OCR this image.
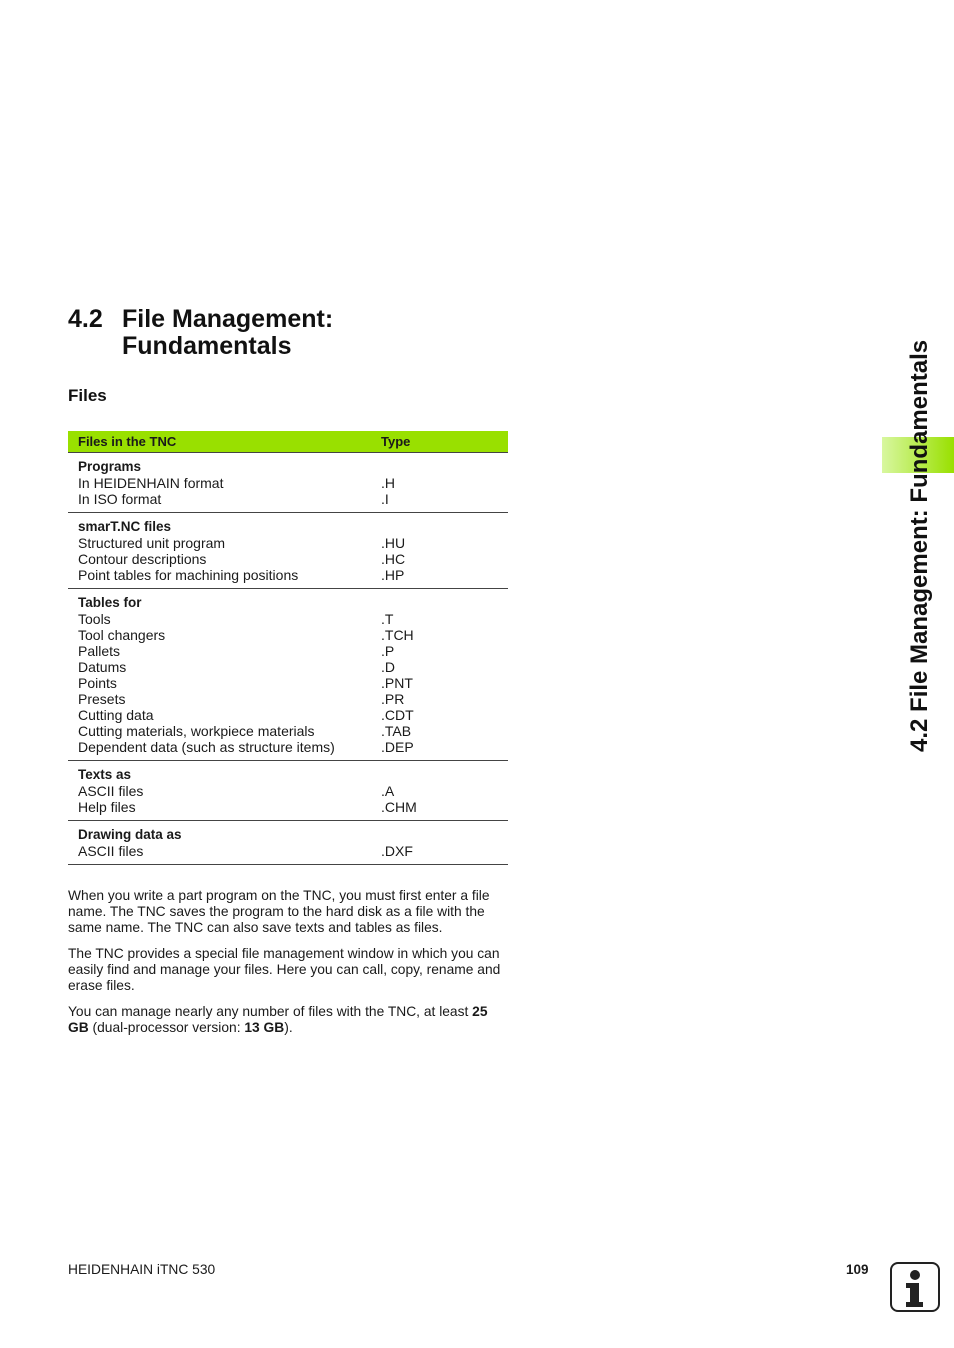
4.2 File Management:
Fundamentals
Files
Files in the TNC	Type
Programs
In HEIDENHAIN format	.H
In ISO format	.I
smarT.NC files
Structured unit program	.HU
Contour descriptions	.HC
Point tables for machining positions	.HP
Tables for
Tools	.T
Tool changers	.TCH
Pallets	.P
Datums	.D
Points	.PNT
Presets	.PR
Cutting data	.CDT
Cutting materials, workpiece materials	.TAB
Dependent data (such as structure items)	.DEP
Texts as
ASCII files	.A
Help files	.CHM
Drawing data as
ASCII files	.DXF

When you write a part program on the TNC, you must first enter a file name. The TNC saves the program to the hard disk as a file with the same name. The TNC can also save texts and tables as files.

The TNC provides a special file management window in which you can easily find and manage your files. Here you can call, copy, rename and erase files.

You can manage nearly any number of files with the TNC, at least 25 GB (dual-processor version: 13 GB).

4.2 File Management: Fundamentals
HEIDENHAIN iTNC 530	109
